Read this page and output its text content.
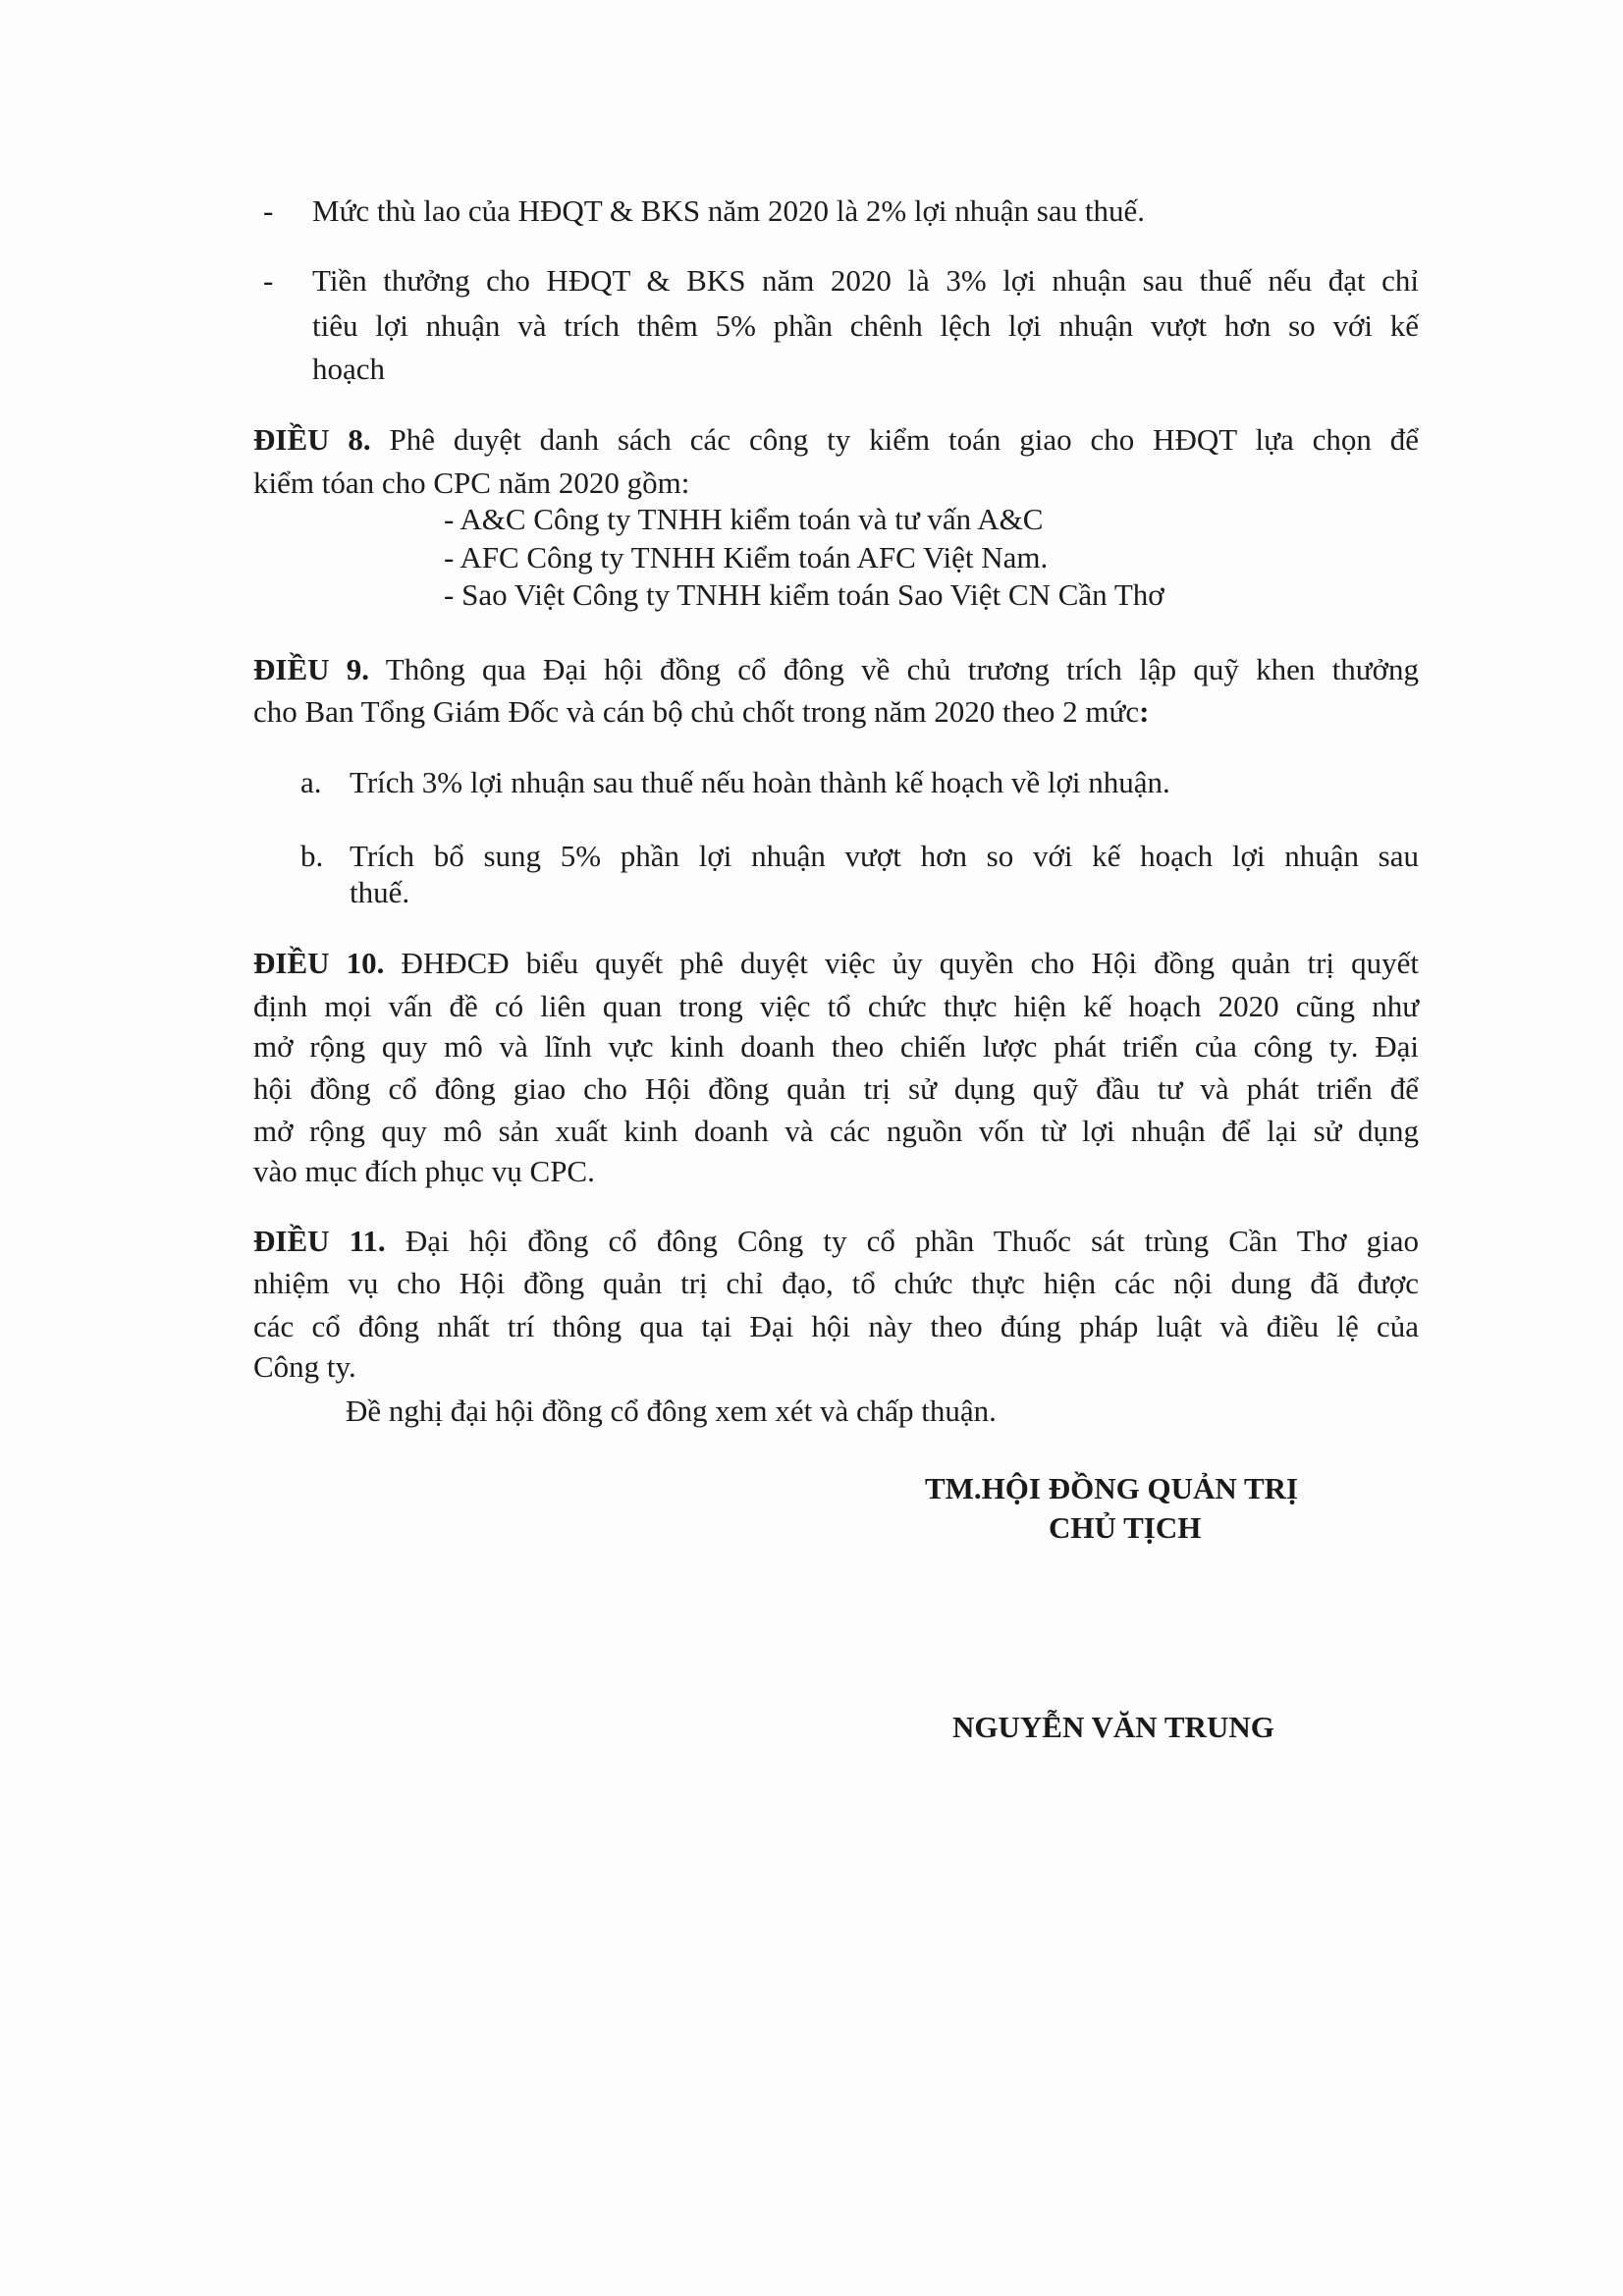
- Mức thù lao của HĐQT & BKS năm 2020 là 2% lợi nhuận sau thuế.
- Tiền thưởng cho HĐQT & BKS năm 2020 là 3% lợi nhuận sau thuế nếu đạt chỉ
tiêu lợi nhuận và trích thêm 5% phần chênh lệch lợi nhuận vượt hơn so với kế
hoạch
ĐIỀU 8. Phê duyệt danh sách các công ty kiểm toán giao cho HĐQT lựa chọn để
kiểm tóan cho CPC năm 2020 gồm:
- A&C Công ty TNHH kiểm toán và tư vấn A&C
- AFC Công ty TNHH Kiểm toán AFC Việt Nam.
- Sao Việt Công ty TNHH kiểm toán Sao Việt CN Cần Thơ
ĐIỀU 9. Thông qua Đại hội đồng cổ đông về chủ trương trích lập quỹ khen thưởng
cho Ban Tổng Giám Đốc và cán bộ chủ chốt trong năm 2020 theo 2 mức:
a. Trích 3% lợi nhuận sau thuế nếu hoàn thành kế hoạch về lợi nhuận.
b. Trích bổ sung 5% phần lợi nhuận vượt hơn so với kế hoạch lợi nhuận sau
thuế.
ĐIỀU 10. ĐHĐCĐ biểu quyết phê duyệt việc ủy quyền cho Hội đồng quản trị quyết
định mọi vấn đề có liên quan trong việc tổ chức thực hiện kế hoạch 2020 cũng như
mở rộng quy mô và lĩnh vực kinh doanh theo chiến lược phát triển của công ty. Đại
hội đồng cổ đông giao cho Hội đồng quản trị sử dụng quỹ đầu tư và phát triển để
mở rộng quy mô sản xuất kinh doanh và các nguồn vốn từ lợi nhuận để lại sử dụng
vào mục đích phục vụ CPC.
ĐIỀU 11. Đại hội đồng cổ đông Công ty cổ phần Thuốc sát trùng Cần Thơ giao
nhiệm vụ cho Hội đồng quản trị chỉ đạo, tổ chức thực hiện các nội dung đã được
các cổ đông nhất trí thông qua tại Đại hội này theo đúng pháp luật và điều lệ của
Công ty.
Đề nghị đại hội đồng cổ đông xem xét và chấp thuận.
TM.HỘI ĐỒNG QUẢN TRỊ
CHỦ TỊCH
NGUYỄN VĂN TRUNG
